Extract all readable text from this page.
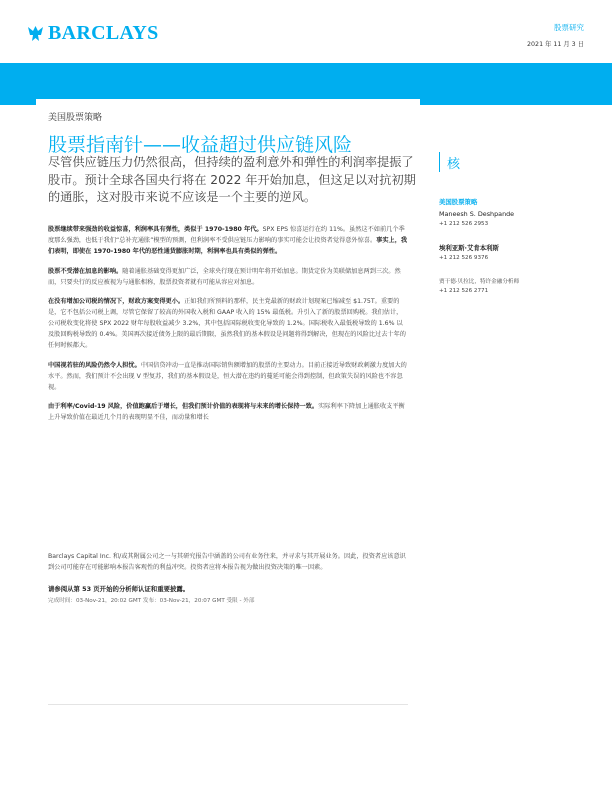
BARCLAYS	股票研究
2021 年 11 月 3 日
美国股票策略
股票指南针——收益超过供应链风险
尽管供应链压力仍然很高，但持续的盈利意外和弹性的利润率提振了股市。预计全球各国央行将在 2022 年开始加息，但这足以对抗初期的通胀，这对股市来说不应该是一个主要的逆风。
核

股票继续带来强劲的收益惊喜，利润率具有弹性，类似于 1970-1980 年代。SPX EPS 惊喜运行在约 11%。虽然这不如前几个季度那么强劲，也低于我们“总补充通胀”模型的预测，但利润率不受供应链压力影响的事实可能会让投资者觉得意外惊喜。事实上，我们表明，即使在 1970-1980 年代的恶性通货膨胀时期，利润率也具有类似的弹性。

股票不受潜在加息的影响。随着通胀基础变得更加广泛，全球央行现在预计明年将开始加息。期货定价为美联储加息两到三次。然而，只要央行的反应被视为与通胀相称，股票投资者就有可能从容应对加息。

在没有增加公司税的情况下，财政方案变得更小。正如我们所预料的那样，民主党最新的财政计划现案已缩减至 $1.75T。重要的是，它不包括公司税上调，尽管它保留了较高的外国收入税和 GAAP 收入的 15% 最低税。升引入了新的股票回购税。我们估计，公司税收变化将使 SPX 2022 财年每股收益减少 3.2%，其中包括国际税收变化导致的 1.2%。国际税收入最低税导致的 1.6% 以及股回购税导致的 0.4%。美国再次接近债务上限的最后期限，虽然我们的基本假设是问题将得到解决，但现在的风险比过去十年的任何时候都大。

中国视若驻的风险仍然令人担忧。中国信贷冲动一直是推动国际销售额增加的股票的主要动力。目前正接近导致财政刺激力度加大的水平。然而，我们预计不会出现 V 型复苏，我们的基本假设是，恒大潜在违约的蔓延可能会得到控制，但政策失误的风险也不容忽视。

由于利率/Covid-19 风险，价值跑赢后于增长，但我们预计价值的表现将与未来的增长保持一致。实际利率下降加上通胀收支平衡上升导致价值在最近几个月的表现明显不佳，而动量和增长

Barclays Capital Inc. 和/或其附属公司之一与其研究报告中涵盖的公司有业务往来，并寻求与其开展业务。因此，投资者应该意识到公司可能存在可能影响本报告客观性的利益冲突。投资者应将本报告视为做出投资决策的唯一因素。
请参阅从第 53 页开始的分析师认证和重要披露。
完成时间：03-Nov-21，20:02 GMT 发布：03-Nov-21，20:07 GMT 受限 - 外部
美国股票策略
Maneesh S. Deshpande
+1 212 526 2953
埃利亚斯·艾肯本利斯
+1 212 526 9376
贾干德·贝拉比，特许金融分析师
+1 212 526 2771
